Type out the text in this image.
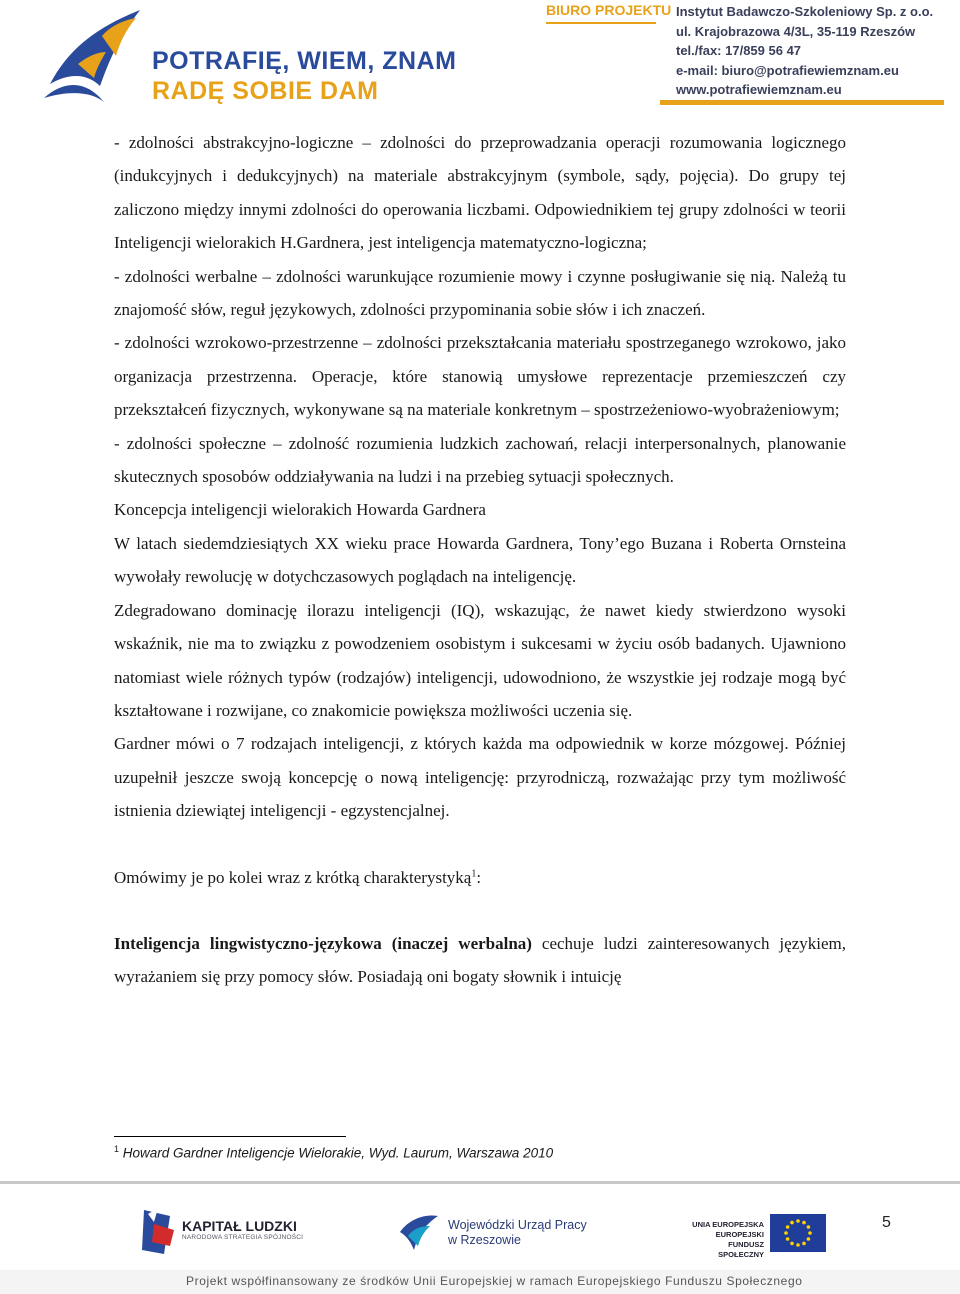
POTRAFIĘ, WIEM, ZNAM
RADĘ SOBIE DAM
BIURO PROJEKTU Instytut Badawczo-Szkoleniowy Sp. z o.o.
ul. Krajobrazowa 4/3L, 35-119 Rzeszów
tel./fax: 17/859 56 47
e-mail: biuro@potrafiewiemznam.eu
www.potrafiewiemznam.eu

- zdolności abstrakcyjno-logiczne – zdolności do przeprowadzania operacji rozumowania logicznego (indukcyjnych i dedukcyjnych) na materiale abstrakcyjnym (symbole, sądy, pojęcia). Do grupy tej zaliczono między innymi zdolności do operowania liczbami. Odpowiednikiem tej grupy zdolności w teorii Inteligencji wielorakich H.Gardnera, jest inteligencja matematyczno-logiczna;

- zdolności werbalne – zdolności warunkujące rozumienie mowy i czynne posługiwanie się nią. Należą tu znajomość słów, reguł językowych, zdolności przypominania sobie słów i ich znaczeń.

- zdolności wzrokowo-przestrzenne – zdolności przekształcania materiału spostrzeganego wzrokowo, jako organizacja przestrzenna. Operacje, które stanowią umysłowe reprezentacje przemieszczeń czy przekształceń fizycznych, wykonywane są na materiale konkretnym – spostrzeżeniowo-wyobrażeniowym;

- zdolności społeczne – zdolność rozumienia ludzkich zachowań, relacji interpersonalnych, planowanie skutecznych sposobów oddziaływania na ludzi i na przebieg sytuacji społecznych.

Koncepcja inteligencji wielorakich Howarda Gardnera

W latach siedemdziesiątych XX wieku prace Howarda Gardnera, Tony’ego Buzana i Roberta Ornsteina wywołały rewolucję w dotychczasowych poglądach na inteligencję.

Zdegradowano dominację ilorazu inteligencji (IQ), wskazując, że nawet kiedy stwierdzono wysoki wskaźnik, nie ma to związku z powodzeniem osobistym i sukcesami w życiu osób badanych. Ujawniono natomiast wiele różnych typów (rodzajów) inteligencji, udowodniono, że wszystkie jej rodzaje mogą być kształtowane i rozwijane, co znakomicie powiększa możliwości uczenia się.

Gardner mówi o 7 rodzajach inteligencji, z których każda ma odpowiednik w korze mózgowej. Później uzupełnił jeszcze swoją koncepcję o nową inteligencję: przyrodniczą, rozważając przy tym możliwość istnienia dziewiątej inteligencji - egzystencjalnej.

Omówimy je po kolei wraz z krótką charakterystyką$^1$:

Inteligencja lingwistyczno-językowa (inaczej werbalna) cechuje ludzi zainteresowanych językiem, wyrażaniem się przy pomocy słów. Posiadają oni bogaty słownik i intuicję

$^1$ Howard Gardner Inteligencje Wielorakie, Wyd. Laurum, Warszawa 2010
KAPITAŁ LUDZKI
NARODOWA STRATEGIA SPÓJNOŚCI
Wojewódzki Urząd Pracy
w Rzeszowie
UNIA EUROPEJSKA
EUROPEJSKI
FUNDUSZ SPOŁECZNY
5
Projekt współfinansowany ze środków Unii Europejskiej w ramach Europejskiego Funduszu Społecznego
